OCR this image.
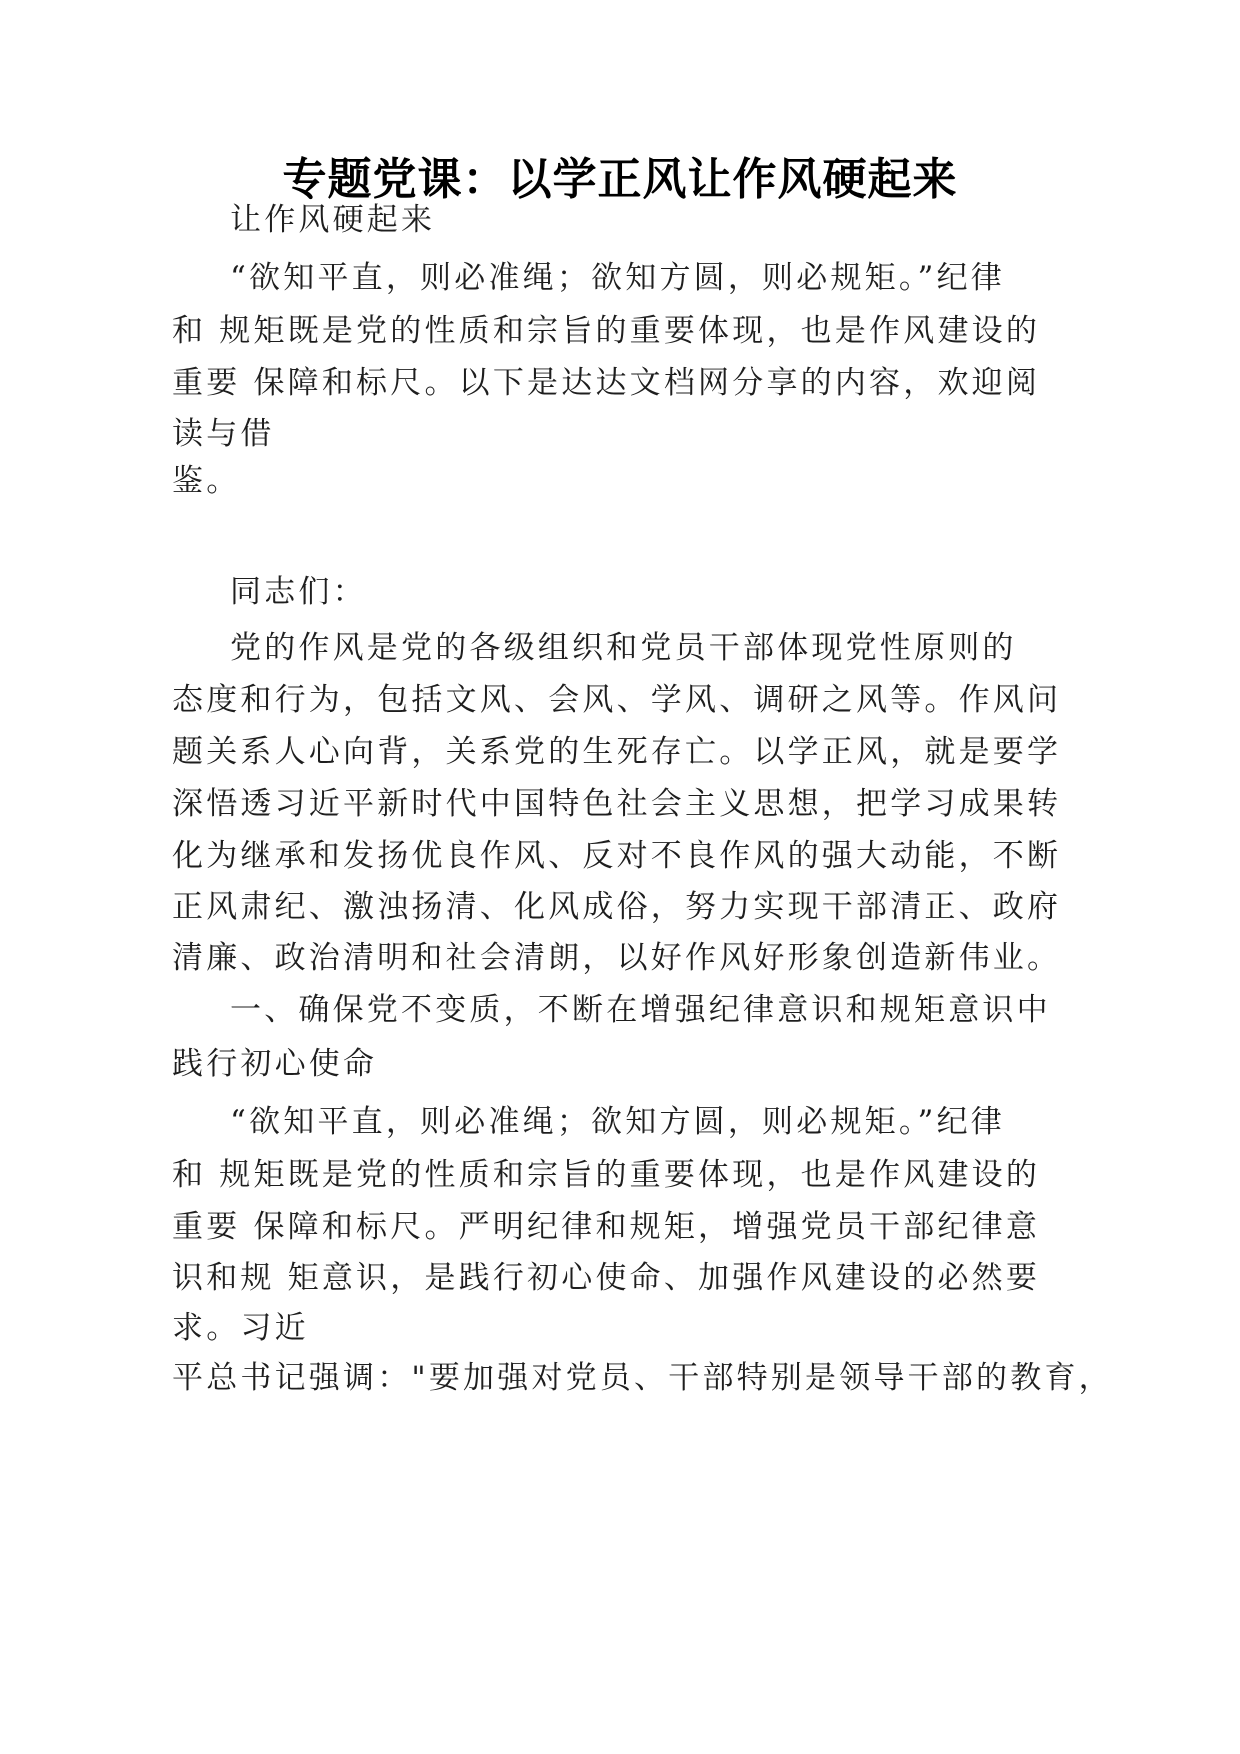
专题党课：以学正风让作风硬起来
让作风硬起来
“欲知平直，则必准绳；欲知方圆，则必规矩。”纪律
和 规矩既是党的性质和宗旨的重要体现，也是作风建设的
重要 保障和标尺。以下是达达文档网分享的内容，欢迎阅
读与借
鉴。
同志们：
党的作风是党的各级组织和党员干部体现党性原则的
态度和行为，包括文风、会风、学风、调研之风等。作风问
题关系人心向背，关系党的生死存亡。以学正风，就是要学
深悟透习近平新时代中国特色社会主义思想，把学习成果转
化为继承和发扬优良作风、反对不良作风的强大动能，不断
正风肃纪、激浊扬清、化风成俗，努力实现干部清正、政府
清廉、政治清明和社会清朗，以好作风好形象创造新伟业。
一、确保党不变质，不断在增强纪律意识和规矩意识中
践行初心使命
“欲知平直，则必准绳；欲知方圆，则必规矩。”纪律
和 规矩既是党的性质和宗旨的重要体现，也是作风建设的
重要 保障和标尺。严明纪律和规矩，增强党员干部纪律意
识和规 矩意识，是践行初心使命、加强作风建设的必然要
求。习近
平总书记强调："要加强对党员、干部特别是领导干部的教育，
